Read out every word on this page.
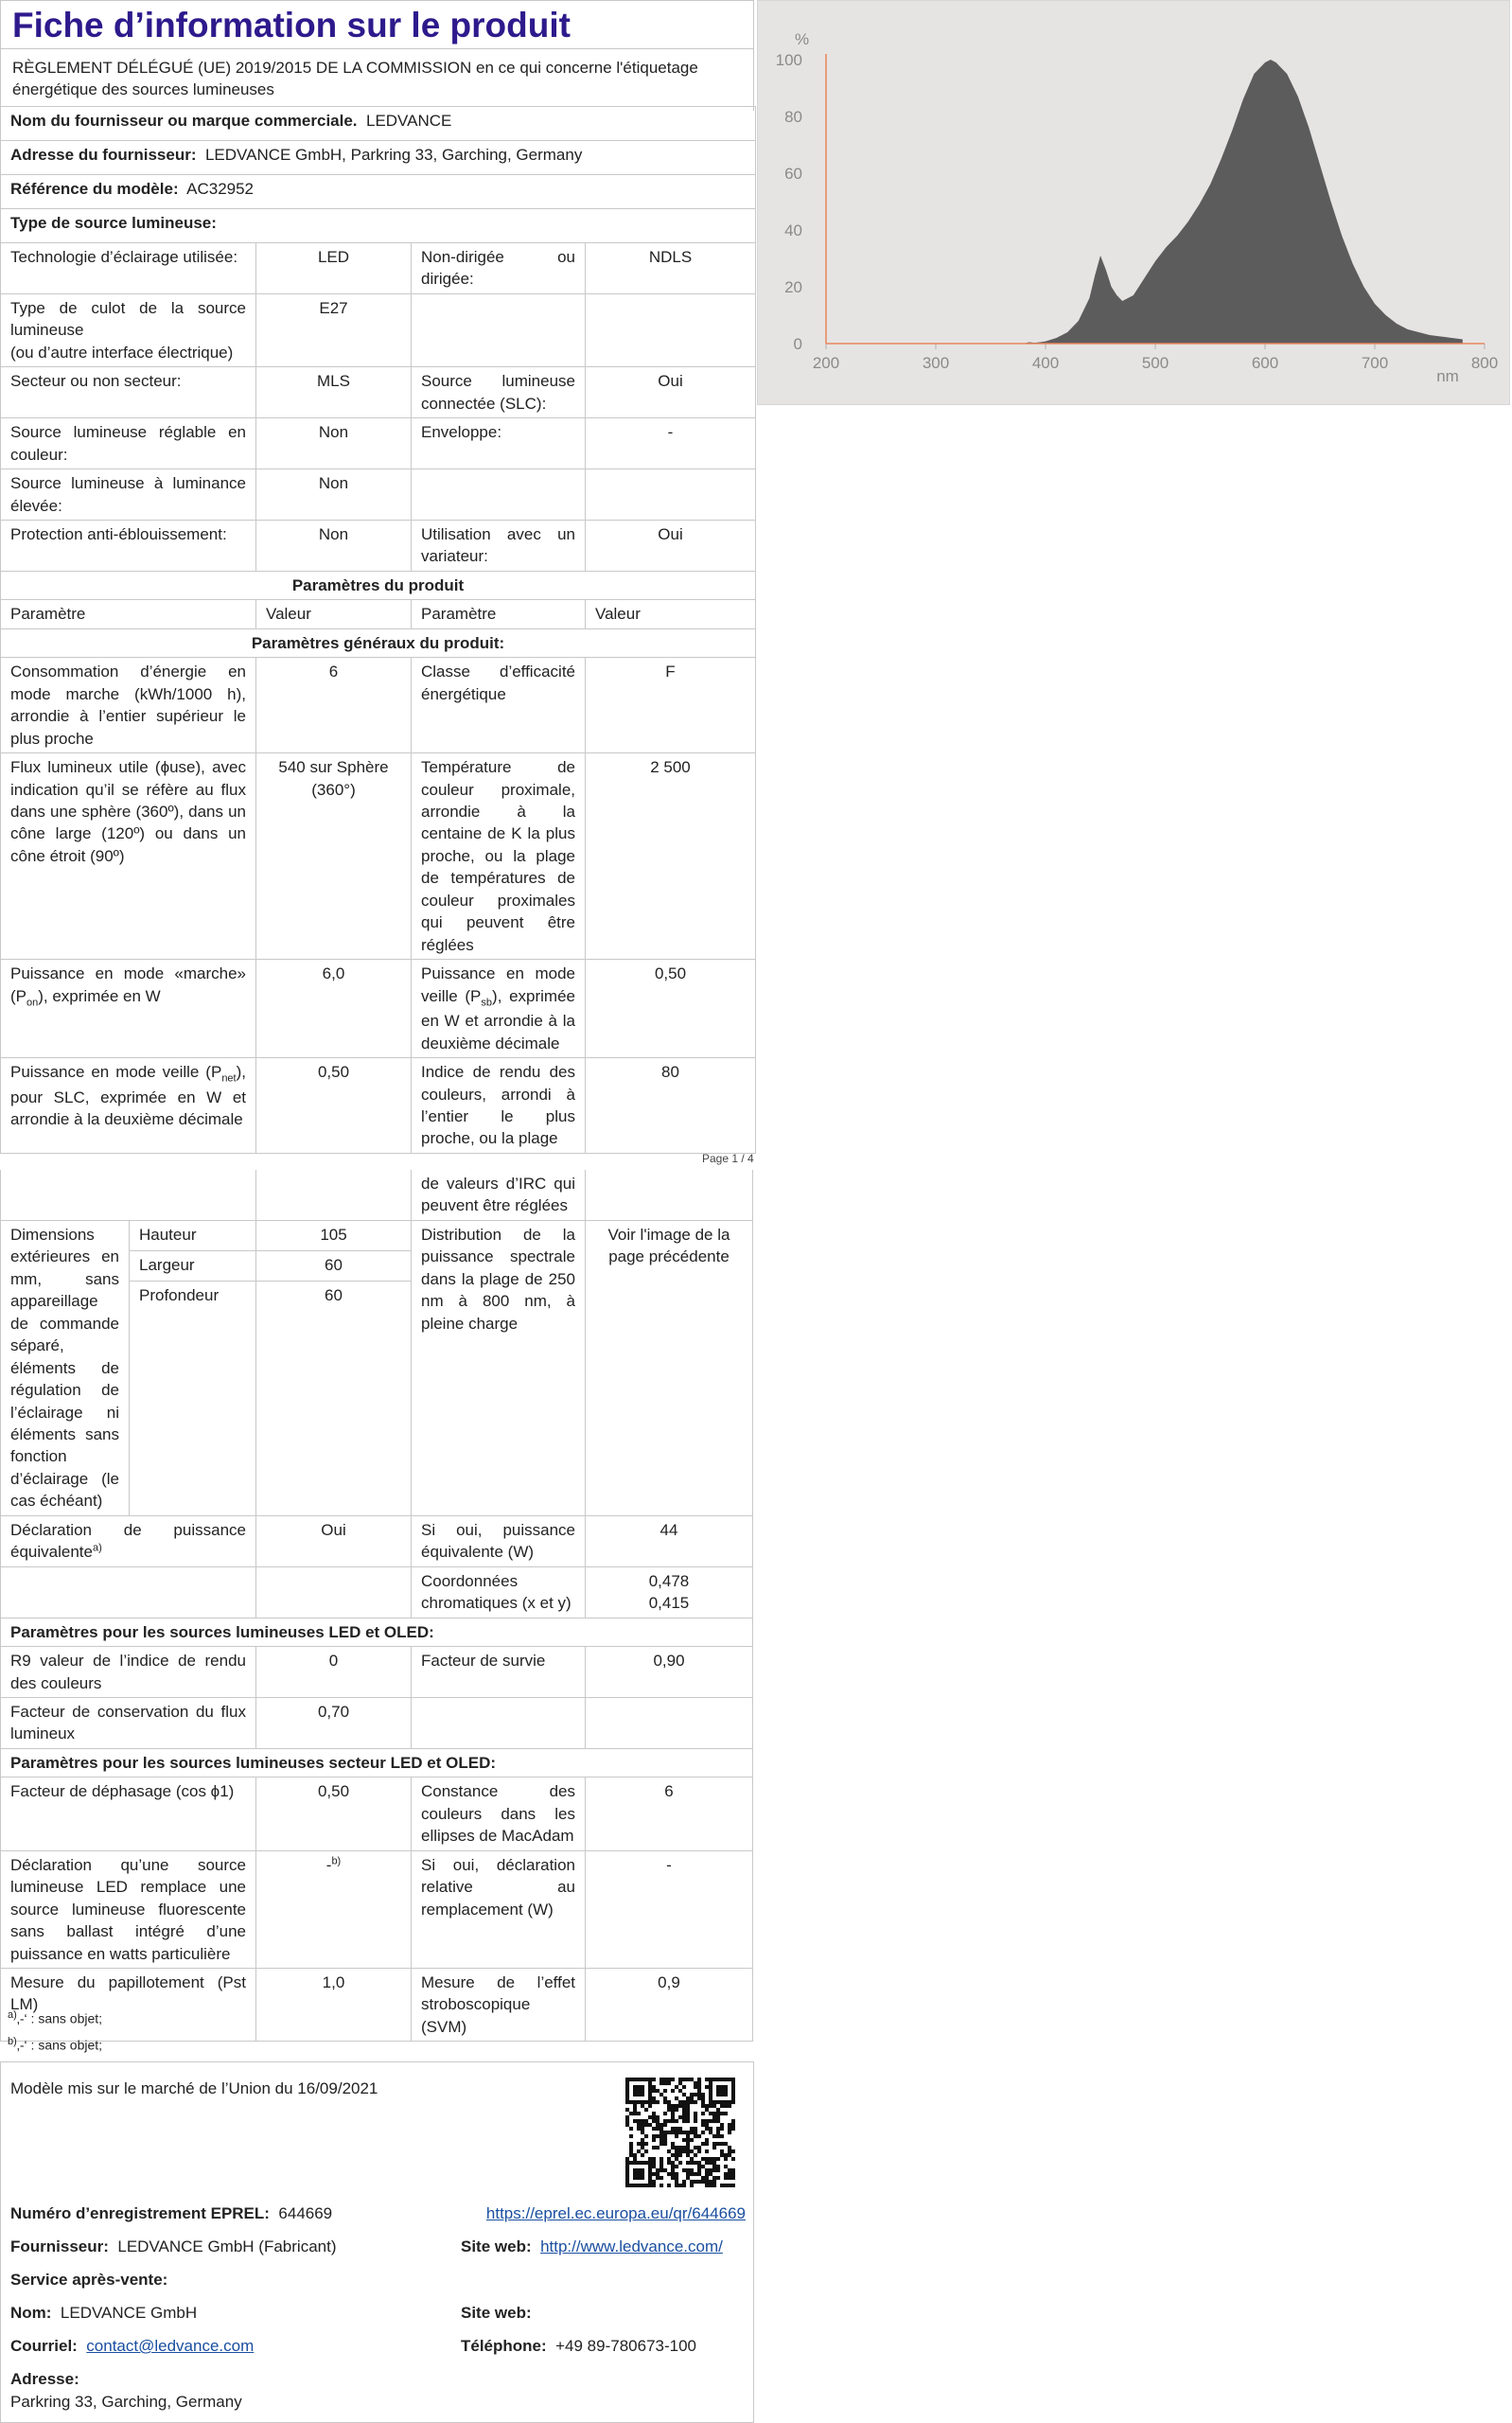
Fiche d’information sur le produit
RÈGLEMENT DÉLÉGUÉ (UE) 2019/2015 DE LA COMMISSION en ce qui concerne l'étiquetage énergétique des sources lumineuses
Nom du fournisseur ou marque commerciale. LEDVANCE			
Adresse du fournisseur: LEDVANCE GmbH, Parkring 33, Garching, Germany			
Référence du modèle: AC32952			
Type de source lumineuse:			
Technologie d’éclairage utilisée:	LED	Non-dirigée ou dirigée:	NDLS

Type de culot de la source lumineuse
(ou d’autre interface électrique)	E27		
Secteur ou non secteur:	MLS	Source lumineuse connectée (SLC):	Oui
Source lumineuse réglable en couleur:	Non	Enveloppe:	-
Source lumineuse à luminance élevée:	Non		
Protection anti-éblouissement:	Non	Utilisation avec un variateur:	Oui
Paramètres du produit			
Paramètre	Valeur	Paramètre	Valeur
Paramètres généraux du produit:			
Consommation d’énergie en mode marche (kWh/1000 h), arrondie à l’entier supérieur le plus proche	6	Classe d’efficacité énergétique	F
Flux lumineux utile (ϕuse), avec indication qu’il se réfère au flux dans une sphère (360º), dans un cône large (120º) ou dans un cône étroit (90º)	540 sur Sphère (360°)	Température de couleur proximale, arrondie à la centaine de K la plus proche, ou la plage de températures de couleur proximales qui peuvent être réglées	2 500
Puissance en mode «marche» $(P_{on})$, exprimée en W	6,0	Puissance en mode veille $(P_{sb})$, exprimée en W et arrondie à la deuxième décimale	0,50
Puissance en mode veille $(P_{net})$, pour SLC, exprimée en W et arrondie à la deuxième décimale	0,50	Indice de rendu des couleurs, arrondi à l’entier le plus proche, ou la plage	80
%
0
20
40
60
80
100
200	300	400	500	600	700	800
nm
Page 1 / 4
			de valeurs d’IRC qui peuvent être réglées	
Dimensions extérieures en mm, sans appareillage de commande séparé, éléments de régulation de l’éclairage ni éléments sans fonction d’éclairage (le cas échéant)	Hauteur	105	Distribution de la puissance spectrale dans la plage de 250 nm à 800 nm, à pleine charge	Voir l'image de la page précédente
	Largeur	60		
	Profondeur	60		
Déclaration de puissance équivalente$^{a)}$		Oui	Si oui, puissance équivalente (W)	44
			Coordonnées chromatiques (x et y)	0,478
0,415

Paramètres pour les sources lumineuses LED et OLED:				
R9 valeur de l’indice de rendu des couleurs		0	Facteur de survie	0,90
Facteur de conservation du flux lumineux		0,70		
Paramètres pour les sources lumineuses secteur LED et OLED:				
Facteur de déphasage (cos ϕ1)		0,50	Constance des couleurs dans les ellipses de MacAdam	6
Déclaration qu’une source lumineuse LED remplace une source lumineuse fluorescente sans ballast intégré d’une puissance en watts particulière		-$^{b)}$	Si oui, déclaration relative au remplacement (W)	-
Mesure du papillotement (Pst LM)		1,0	Mesure de l’effet stroboscopique (SVM)	0,9
$^{a)}$‚-‘ : sans objet;
$^{b)}$‚-‘ : sans objet;
Modèle mis sur le marché de l’Union du 16/09/2021
Numéro d’enregistrement EPREL: 644669	https://eprel.ec.europa.eu/qr/644669
Fournisseur: LEDVANCE GmbH (Fabricant)	Site web: http://www.ledvance.com/
Service après-vente:
Nom: LEDVANCE GmbH	Site web:
Courriel: contact@ledvance.com	Téléphone: +49 89-780673-100
Adresse:
Parkring 33, Garching, Germany
